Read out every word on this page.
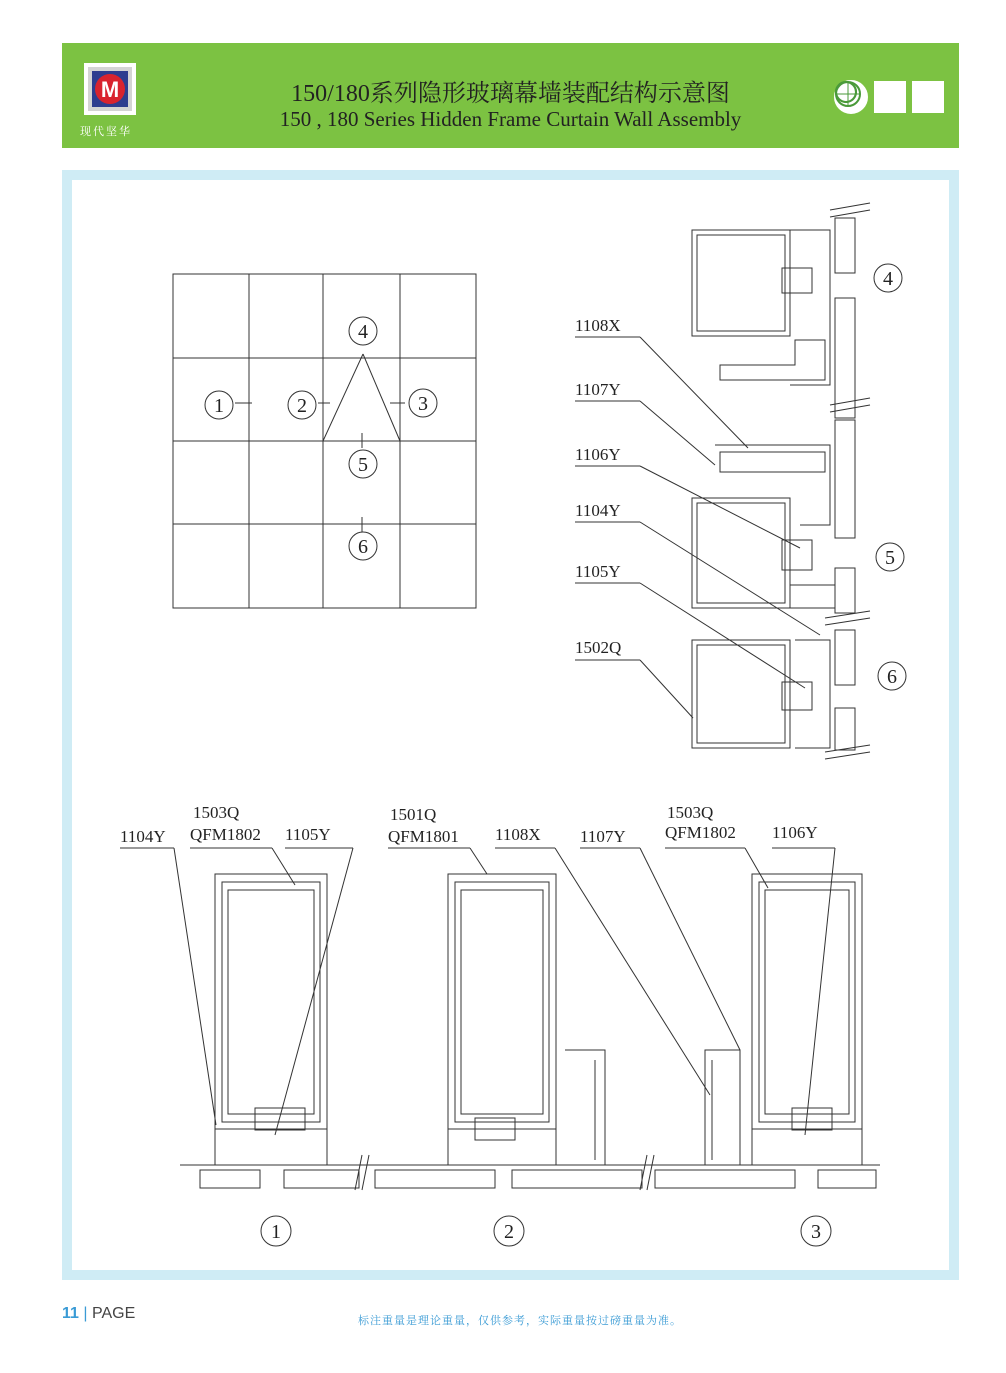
M
现代坚华
150/180系列隐形玻璃幕墙装配结构示意图
150 , 180 Series Hidden Frame Curtain Wall Assembly
1	2	3
4
5
6
4
5
6
1108X
1107Y
1106Y
1104Y
1105Y
1502Q
1104Y
1503Q
QFM1802 1105Y
1501Q
QFM1801 1108X 1107Y
1503Q
QFM1802 1106Y
1	2	3
11 | PAGE	标注重量是理论重量，仅供参考，实际重量按过磅重量为准。
